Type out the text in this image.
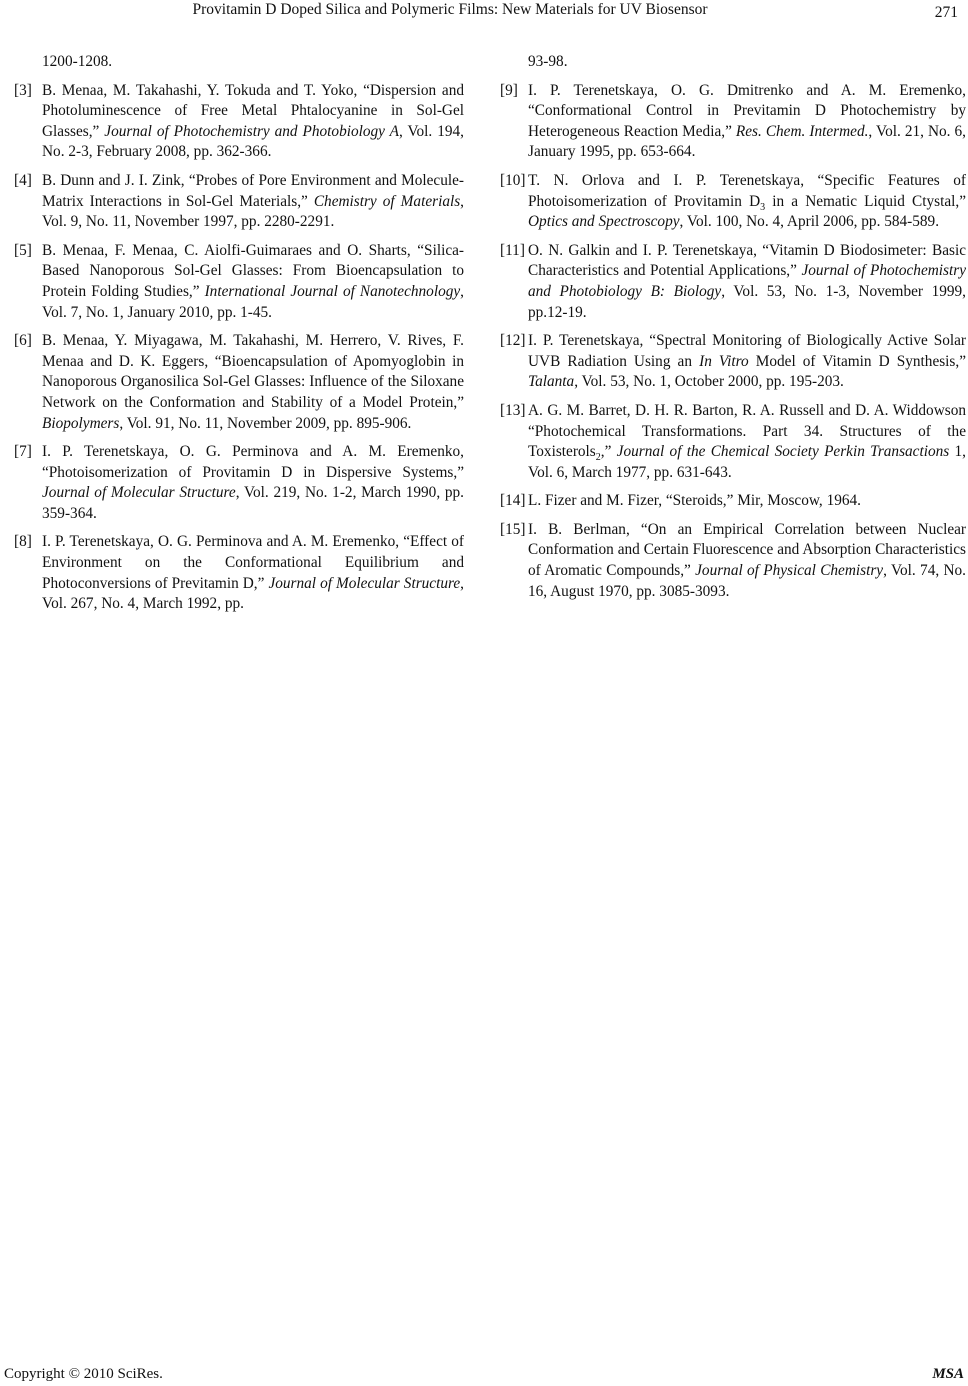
Provitamin D Doped Silica and Polymeric Films: New Materials for UV Biosensor	271
1200-1208.
[3] B. Menaa, M. Takahashi, Y. Tokuda and T. Yoko, “Dispersion and Photoluminescence of Free Metal Phtalocyanine in Sol-Gel Glasses,” Journal of Photochemistry and Photobiology A, Vol. 194, No. 2-3, February 2008, pp. 362-366.
[4] B. Dunn and J. I. Zink, “Probes of Pore Environment and Molecule-Matrix Interactions in Sol-Gel Materials,” Chemistry of Materials, Vol. 9, No. 11, November 1997, pp. 2280-2291.
[5] B. Menaa, F. Menaa, C. Aiolfi-Guimaraes and O. Sharts, “Silica-Based Nanoporous Sol-Gel Glasses: From Bioencapsulation to Protein Folding Studies,” International Journal of Nanotechnology, Vol. 7, No. 1, January 2010, pp. 1-45.
[6] B. Menaa, Y. Miyagawa, M. Takahashi, M. Herrero, V. Rives, F. Menaa and D. K. Eggers, “Bioencapsulation of Apomyoglobin in Nanoporous Organosilica Sol-Gel Glasses: Influence of the Siloxane Network on the Conformation and Stability of a Model Protein,” Biopolymers, Vol. 91, No. 11, November 2009, pp. 895-906.
[7] I. P. Terenetskaya, O. G. Perminova and A. M. Eremenko, “Photoisomerization of Provitamin D in Dispersive Systems,” Journal of Molecular Structure, Vol. 219, No. 1-2, March 1990, pp. 359-364.
[8] I. P. Terenetskaya, O. G. Perminova and A. M. Eremenko, “Effect of Environment on the Conformational Equilibrium and Photoconversions of Previtamin D,” Journal of Molecular Structure, Vol. 267, No. 4, March 1992, pp.
93-98.
[9] I. P. Terenetskaya, O. G. Dmitrenko and A. M. Eremenko, “Conformational Control in Previtamin D Photochemistry by Heterogeneous Reaction Media,” Res. Chem. Intermed., Vol. 21, No. 6, January 1995, pp. 653-664.
[10] T. N. Orlova and I. P. Terenetskaya, “Specific Features of Photoisomerization of Provitamin $D_3$ in a Nematic Liquid Ctystal,” Optics and Spectroscopy, Vol. 100, No. 4, April 2006, pp. 584-589.
[11] O. N. Galkin and I. P. Terenetskaya, “Vitamin D Biodosimeter: Basic Characteristics and Potential Applications,” Journal of Photochemistry and Photobiology B: Biology, Vol. 53, No. 1-3, November 1999, pp.12-19.
[12] I. P. Terenetskaya, “Spectral Monitoring of Biologically Active Solar UVB Radiation Using an In Vitro Model of Vitamin D Synthesis,” Talanta, Vol. 53, No. 1, October 2000, pp. 195-203.
[13] A. G. M. Barret, D. H. R. Barton, R. A. Russell and D. A. Widdowson “Photochemical Transformations. Part 34. Structures of the Toxisterols$_2$,” Journal of the Chemical Society Perkin Transactions 1, Vol. 6, March 1977, pp. 631-643.
[14] L. Fizer and M. Fizer, “Steroids,” Mir, Moscow, 1964.
[15] I. B. Berlman, “On an Empirical Correlation between Nuclear Conformation and Certain Fluorescence and Absorption Characteristics of Aromatic Compounds,” Journal of Physical Chemistry, Vol. 74, No. 16, August 1970, pp. 3085-3093.
Copyright © 2010 SciRes.	MSA
